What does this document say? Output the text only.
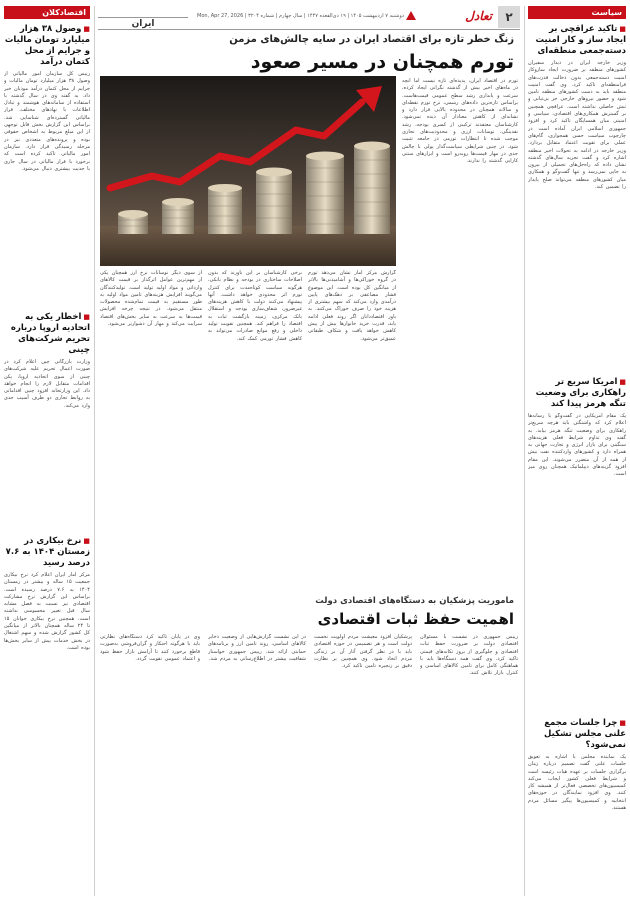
اقتصادکلان
■وصول ۳۸ هزار میلیارد تومان مالیات و جرایم از محل کتمان درآمد
رییس کل سازمان امور مالیاتی از وصول ۳۸ هزار میلیارد تومان مالیات و جرایم از محل کتمان درآمد مودیان خبر داد. به گفته وی در سال گذشته با استفاده از سامانه‌های هوشمند و تبادل اطلاعات با نهادهای مختلف، فرار مالیاتی گسترده‌ای شناسایی شد. براساس این گزارش بخش قابل توجهی از این مبلغ مربوط به اشخاص حقوقی بوده و پرونده‌های متعددی نیز در مرحله رسیدگی قرار دارد. سازمان امور مالیاتی تاکید کرده است که برخورد با فرار مالیاتی در سال جاری با جدیت بیشتری دنبال می‌شود.
■اخطار یکی به اتحادیه اروپا درباره تحریم شرکت‌های چینی
وزارت بازرگانی چین اعلام کرد در صورت اعمال تحریم علیه شرکت‌های چینی از سوی اتحادیه اروپا، پکن اقدامات متقابل لازم را انجام خواهد داد. این وزارتخانه افزود چنین اقداماتی به روابط تجاری دو طرف آسیب جدی وارد می‌کند.
■نرخ بیکاری در زمستان ۱۴۰۴ به ۷.۶ درصد رسید
مرکز آمار ایران اعلام کرد نرخ بیکاری جمعیت ۱۵ ساله و بیشتر در زمستان ۱۴۰۴ به ۷.۶ درصد رسیده است. براساس این گزارش نرخ مشارکت اقتصادی نیز نسبت به فصل مشابه سال قبل تغییر محسوسی نداشته است. همچنین نرخ بیکاری جوانان ۱۵ تا ۲۴ ساله همچنان بالاتر از میانگین کل کشور گزارش شده و سهم اشتغال در بخش خدمات بیش از سایر بخش‌ها بوده است.
۲
تعادل
دوشنبه ۷ اردیبهشت ۱۴۰۵ | ۱۹ ذی‌القعده ۱۴۴۷ | سال چهارم | شماره ۳۲۰۴ | Mon, Apr 27, 2026
ایران
زنگ خطر تازه برای اقتصاد ایران در سایه چالش‌های مزمن
تورم همچنان در مسیر صعود
تورم در اقتصاد ایران، پدیده‌ای تازه نیست اما آنچه در ماه‌های اخیر بیش از گذشته نگرانی ایجاد کرده، سرعت و پایداری رشد سطح عمومی قیمت‌هاست. براساس تازه‌ترین داده‌های رسمی، نرخ تورم نقطه‌ای و سالانه همچنان در محدوده بالایی قرار دارد و نشانه‌ای از کاهش معنادار آن دیده نمی‌شود. کارشناسان معتقدند ترکیبی از کسری بودجه، رشد نقدینگی، نوسانات ارزی و محدودیت‌های تجاری موجب شده تا انتظارات تورمی در جامعه تثبیت شود. در چنین شرایطی سیاست‌گذار پولی با چالش جدی در مهار قیمت‌ها روبه‌رو است و ابزارهای سنتی کارایی گذشته را ندارند.
گزارش مرکز آمار نشان می‌دهد تورم در گروه خوراکی‌ها و آشامیدنی‌ها بالاتر از میانگین کل بوده است. این موضوع فشار مضاعفی بر دهک‌های پایین درآمدی وارد می‌کند که سهم بیشتری از هزینه خود را صرف خوراک می‌کنند. به باور اقتصاددانان اگر روند فعلی ادامه یابد، قدرت خرید خانوارها بیش از پیش کاهش خواهد یافت و شکاف طبقاتی عمیق‌تر می‌شود.
برخی کارشناسان بر این باورند که بدون اصلاحات ساختاری در بودجه و نظام بانکی، هرگونه سیاست کوتاه‌مدت برای کنترل تورم اثر محدودی خواهد داشت. آنها پیشنهاد می‌کنند دولت با کاهش هزینه‌های غیرضرور، شفاف‌سازی بودجه و استقلال بانک مرکزی، زمینه بازگشت ثبات به اقتصاد را فراهم کند. همچنین تقویت تولید داخلی و رفع موانع صادرات می‌تواند به کاهش فشار تورمی کمک کند.
از سوی دیگر نوسانات نرخ ارز همچنان یکی از مهم‌ترین عوامل اثرگذار بر قیمت کالاهای وارداتی و مواد اولیه تولید است. تولیدکنندگان می‌گویند افزایش هزینه‌های تامین مواد اولیه به طور مستقیم به قیمت تمام‌شده محصولات منتقل می‌شود. در نتیجه چرخه افزایش قیمت‌ها به سرعت به سایر بخش‌های اقتصاد سرایت می‌کند و مهار آن دشوارتر می‌شود.
ماموریت پزشکیان به دستگاه‌های اقتصادی دولت
اهمیت حفظ ثبات اقتصادی
رییس جمهوری در نشست با مسئولان اقتصادی دولت بر ضرورت حفظ ثبات اقتصادی و جلوگیری از بروز تکانه‌های قیمتی تاکید کرد. وی گفت همه دستگاه‌ها باید با هماهنگی کامل برای تامین کالاهای اساسی و کنترل بازار تلاش کنند.
پزشکیان افزود معیشت مردم اولویت نخست دولت است و هر تصمیمی در حوزه اقتصادی باید با در نظر گرفتن آثار آن بر زندگی مردم اتخاذ شود. وی همچنین بر نظارت دقیق بر زنجیره تامین تاکید کرد.
در این نشست گزارش‌هایی از وضعیت ذخایر کالاهای اساسی، روند تامین ارز و برنامه‌های حمایتی ارائه شد. رییس جمهوری خواستار شفافیت بیشتر در اطلاع‌رسانی به مردم شد.
وی در پایان تاکید کرد دستگاه‌های نظارتی باید با هرگونه احتکار و گران‌فروشی به‌صورت قاطع برخورد کنند تا آرامش بازار حفظ شود و اعتماد عمومی تقویت گردد.
سیاست
■تاکید عراقچی بر ایجاد ساز و کار امنیت دسته‌جمعی منطقه‌ای
وزیر خارجه ایران در دیدار سفیران کشورهای منطقه بر ضرورت ایجاد سازوکار امنیت دسته‌جمعی بدون دخالت قدرت‌های فرامنطقه‌ای تاکید کرد. وی گفت امنیت منطقه باید به دست کشورهای منطقه تامین شود و حضور نیروهای خارجی جز بی‌ثباتی و تنش حاصلی نداشته است. عراقچی همچنین بر گسترش همکاری‌های اقتصادی، سیاسی و امنیتی میان همسایگان تاکید کرد و افزود جمهوری اسلامی ایران آماده است در چارچوب سیاست حسن همجواری، گام‌های عملی برای تقویت اعتماد متقابل بردارد. وزیر خارجه در ادامه به تحولات اخیر منطقه اشاره کرد و گفت تجربه سال‌های گذشته نشان داده که راه‌حل‌های تحمیلی از بیرون به جایی نمی‌رسد و تنها گفت‌وگو و همکاری میان کشورهای منطقه می‌تواند صلح پایدار را تضمین کند.
■امریکا سریع تر راهکاری برای وضعیت تنگه هرمز پیدا کند
یک مقام آمریکایی در گفت‌وگو با رسانه‌ها اعلام کرد که واشنگتن باید هرچه سریع‌تر راهکاری برای وضعیت تنگه هرمز بیابد. به گفته وی تداوم شرایط فعلی هزینه‌های سنگینی برای بازار انرژی و تجارت جهانی به همراه دارد و کشورهای واردکننده نفت بیش از همه از آن متضرر می‌شوند. این مقام افزود گزینه‌های دیپلماتیک همچنان روی میز است.
■چرا جلسات مجمع علنی مجلس تشکیل نمی‌شود؟
یک نماینده مجلس با اشاره به تعویق جلسات علنی گفت تصمیم درباره زمان برگزاری جلسات بر عهده هیات رئیسه است و شرایط فعلی کشور ایجاب می‌کند کمیسیون‌های تخصصی فعال‌تر از همیشه کار کنند. وی افزود نمایندگان در حوزه‌های انتخابیه و کمیسیون‌ها پیگیر مسائل مردم هستند.
